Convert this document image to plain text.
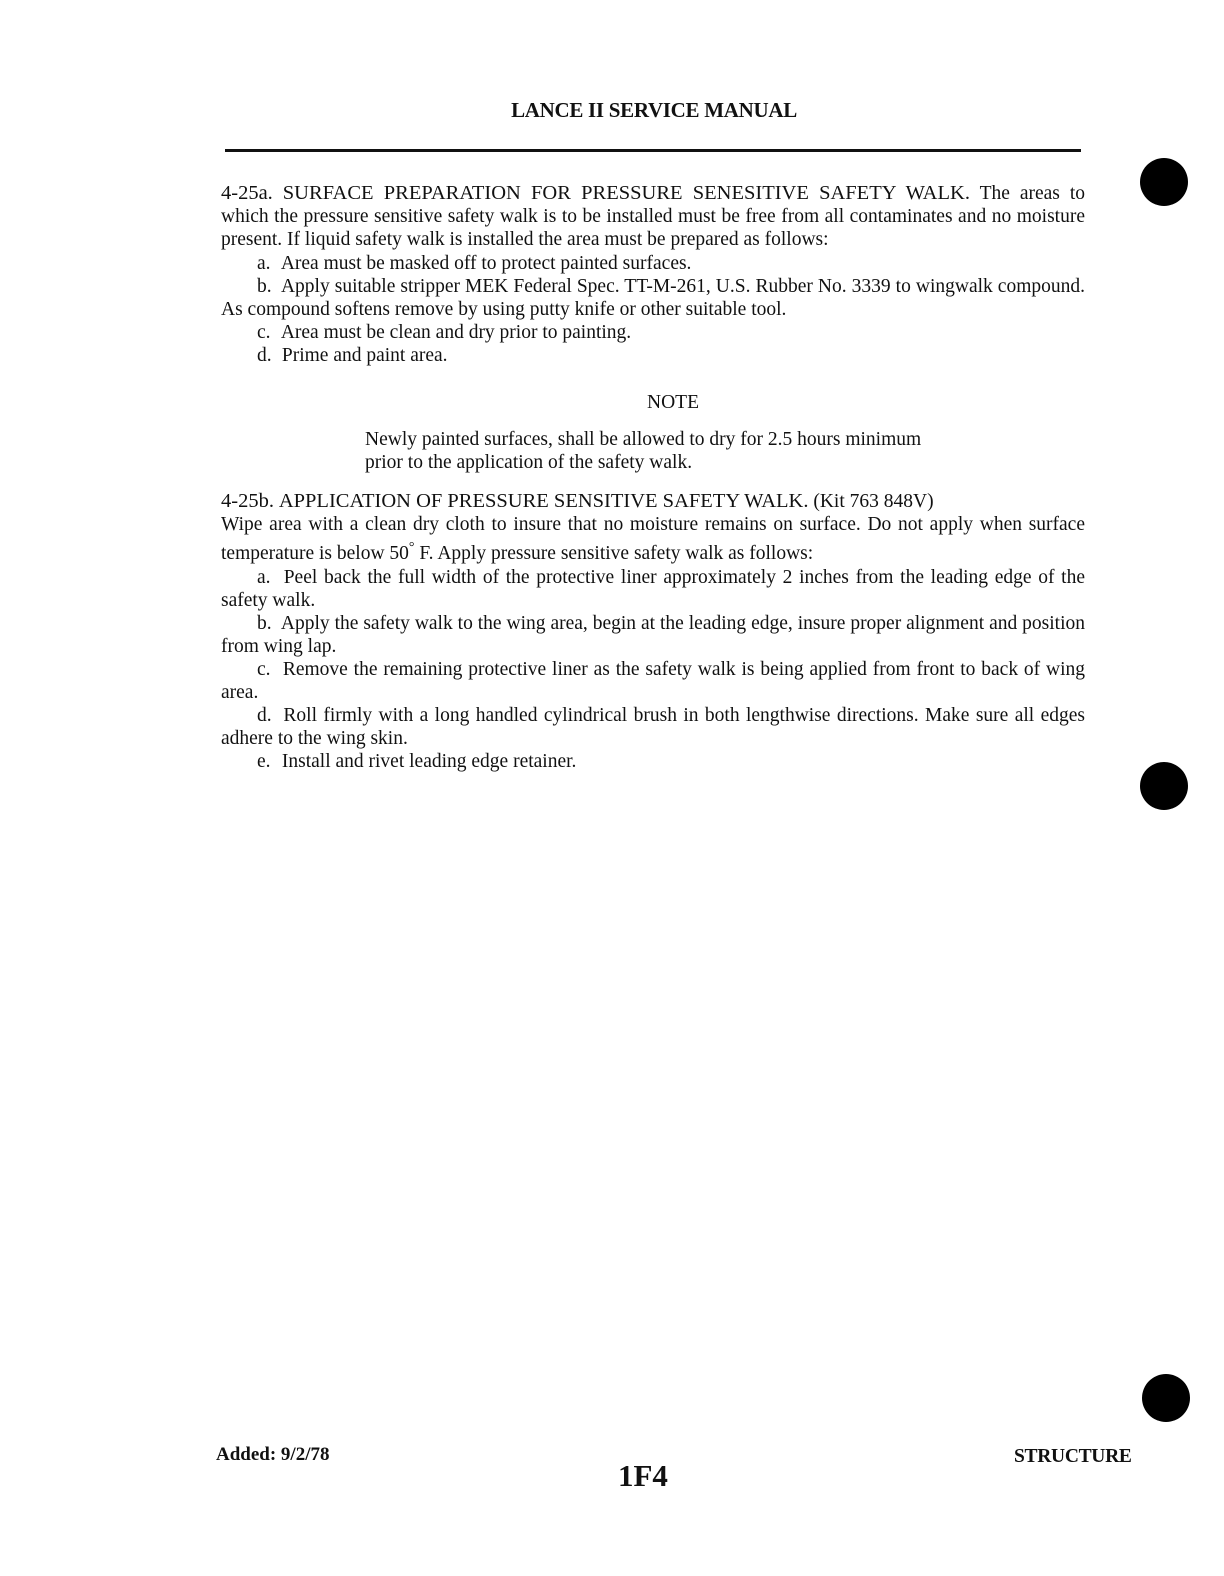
LANCE II SERVICE MANUAL

4-25a. SURFACE PREPARATION FOR PRESSURE SENESITIVE SAFETY WALK. The areas to which the pressure sensitive safety walk is to be installed must be free from all contaminates and no moisture present. If liquid safety walk is installed the area must be prepared as follows:

a. Area must be masked off to protect painted surfaces.

b. Apply suitable stripper MEK Federal Spec. TT-M-261, U.S. Rubber No. 3339 to wingwalk compound. As compound softens remove by using putty knife or other suitable tool.

c. Area must be clean and dry prior to painting.

d. Prime and paint area.

NOTE

Newly painted surfaces, shall be allowed to dry for 2.5 hours minimum prior to the application of the safety walk.

4-25b. APPLICATION OF PRESSURE SENSITIVE SAFETY WALK. (Kit 763 848V)

Wipe area with a clean dry cloth to insure that no moisture remains on surface. Do not apply when surface temperature is below 50° F. Apply pressure sensitive safety walk as follows:

a. Peel back the full width of the protective liner approximately 2 inches from the leading edge of the safety walk.

b. Apply the safety walk to the wing area, begin at the leading edge, insure proper alignment and position from wing lap.

c. Remove the remaining protective liner as the safety walk is being applied from front to back of wing area.

d. Roll firmly with a long handled cylindrical brush in both lengthwise directions. Make sure all edges adhere to the wing skin.

e. Install and rivet leading edge retainer.

Added: 9/2/78
1F4
STRUCTURE
